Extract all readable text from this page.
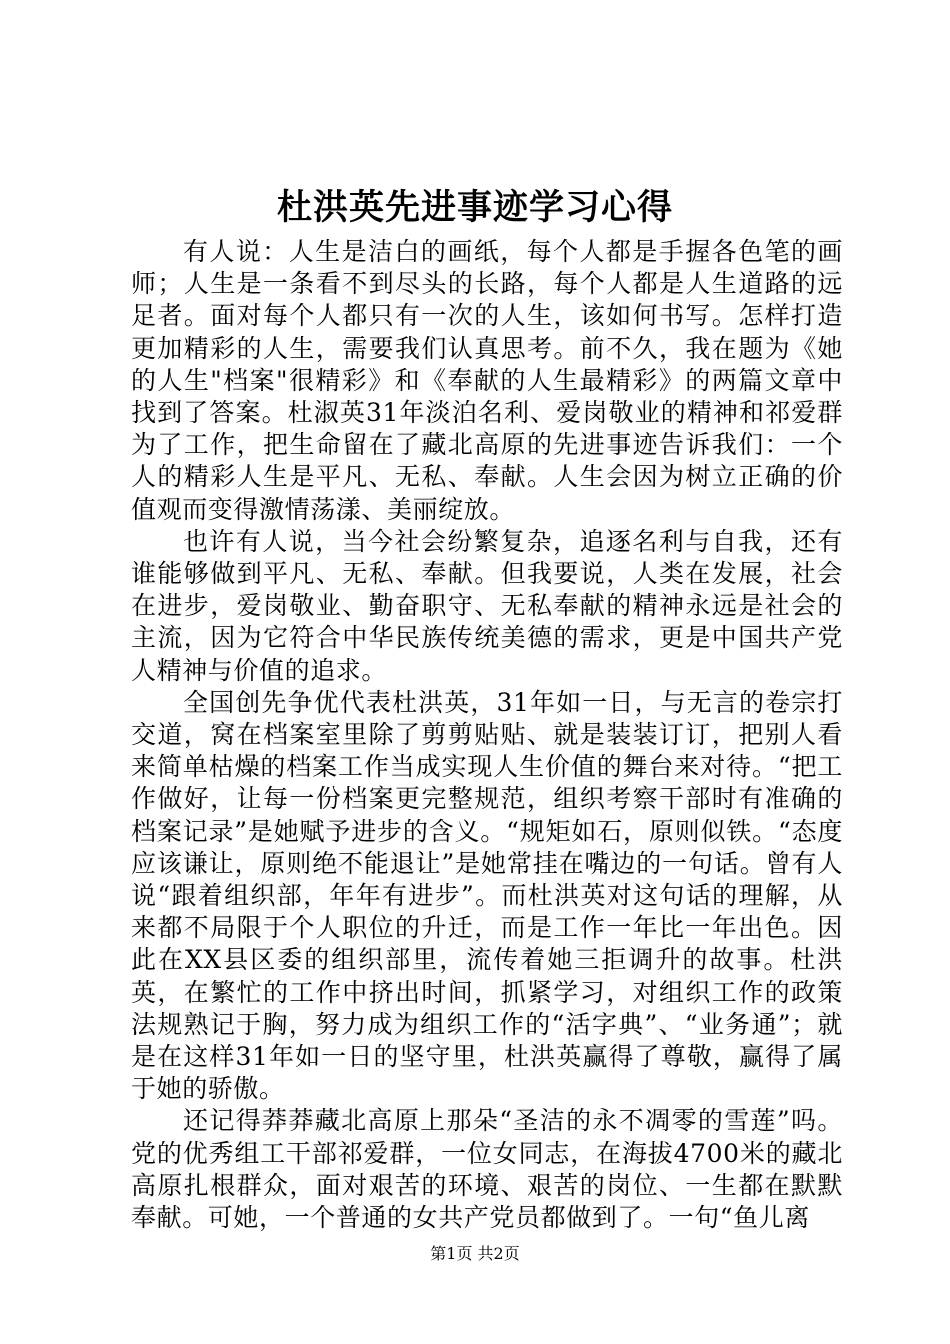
杜洪英先进事迹学习心得

有人说：人生是洁白的画纸，每个人都是手握各色笔的画师；人生是一条看不到尽头的长路，每个人都是人生道路的远足者。面对每个人都只有一次的人生，该如何书写。怎样打造更加精彩的人生，需要我们认真思考。前不久，我在题为《她的人生"档案"很精彩》和《奉献的人生最精彩》的两篇文章中找到了答案。杜淑英31年淡泊名利、爱岗敬业的精神和祁爱群为了工作，把生命留在了藏北高原的先进事迹告诉我们：一个人的精彩人生是平凡、无私、奉献。人生会因为树立正确的价值观而变得激情荡漾、美丽绽放。

也许有人说，当今社会纷繁复杂，追逐名利与自我，还有谁能够做到平凡、无私、奉献。但我要说，人类在发展，社会在进步，爱岗敬业、勤奋职守、无私奉献的精神永远是社会的主流，因为它符合中华民族传统美德的需求，更是中国共产党人精神与价值的追求。

全国创先争优代表杜洪英，31年如一日，与无言的卷宗打交道，窝在档案室里除了剪剪贴贴、就是装装订订，把别人看来简单枯燥的档案工作当成实现人生价值的舞台来对待。“把工作做好，让每一份档案更完整规范，组织考察干部时有准确的档案记录”是她赋予进步的含义。“规矩如石，原则似铁。“态度应该谦让，原则绝不能退让”是她常挂在嘴边的一句话。曾有人说“跟着组织部，年年有进步”。而杜洪英对这句话的理解，从来都不局限于个人职位的升迁，而是工作一年比一年出色。因此在XX县区委的组织部里，流传着她三拒调升的故事。杜洪英，在繁忙的工作中挤出时间，抓紧学习，对组织工作的政策法规熟记于胸，努力成为组织工作的“活字典”、“业务通”；就是在这样31年如一日的坚守里，杜洪英赢得了尊敬，赢得了属于她的骄傲。

还记得莽莽藏北高原上那朵“圣洁的永不凋零的雪莲”吗。党的优秀组工干部祁爱群，一位女同志，在海拔4700米的藏北高原扎根群众，面对艰苦的环境、艰苦的岗位、一生都在默默奉献。可她，一个普通的女共产党员都做到了。一句“鱼儿离

第1页 共2页
